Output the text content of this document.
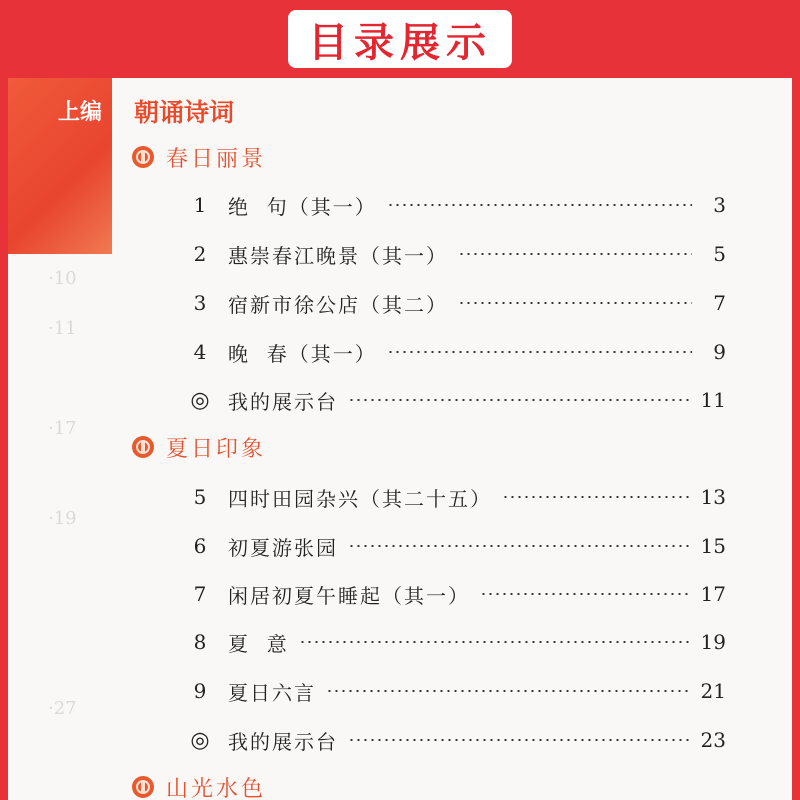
目录展示
·10
·11
·17
·19
·27
上编 朝诵诗词
春日丽景
1	绝  句（其一）	3
2	惠崇春江晚景（其一）	5
3	宿新市徐公店（其二）	7
4	晚  春（其一）	9
◎ 我的展示台	11
夏日印象
5	四时田园杂兴（其二十五）	13
6	初夏游张园	15
7	闲居初夏午睡起（其一）	17
8	夏  意	19
9	夏日六言	21
◎ 我的展示台	23
山光水色
